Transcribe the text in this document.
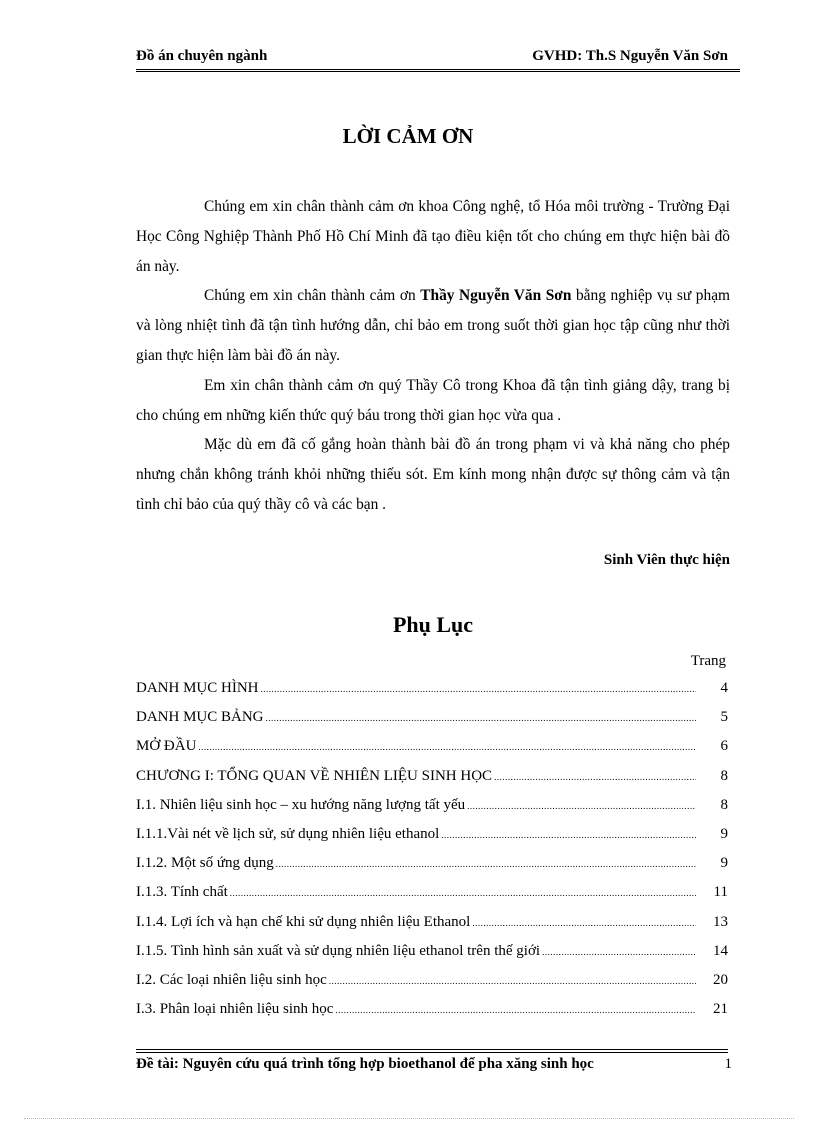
Đồ án chuyên ngành	GVHD: Th.S Nguyễn Văn Sơn
LỜI CẢM ƠN

Chúng em xin chân thành cảm ơn khoa Công nghệ, tổ Hóa môi trường - Trường Đại Học Công Nghiệp Thành Phố Hồ Chí Minh đã tạo điều kiện tốt cho chúng em thực hiện bài đồ án này.

Chúng em xin chân thành cảm ơn Thầy Nguyễn Văn Sơn bằng nghiệp vụ sư phạm và lòng nhiệt tình đã tận tình hướng dẫn, chỉ bảo em trong suốt thời gian học tập cũng như thời gian thực hiện làm bài đồ án này.

Em xin chân thành cảm ơn quý Thầy Cô trong Khoa đã tận tình giảng dậy, trang bị cho chúng em những kiến thức quý báu trong thời gian học vừa qua .

Mặc dù em đã cố gắng hoàn thành bài đồ án trong phạm vi và khả năng cho phép nhưng chắn không tránh khỏi những thiếu sót. Em kính mong nhận được sự thông cảm và tận tình chỉ bảo của quý thầy cô và các bạn .

Sinh Viên thực hiện
Phụ Lục
Trang
DANH MỤC HÌNH .....	4
DANH MỤC BẢNG .....	5
MỞ ĐẦU .....	6
CHƯƠNG I: TỔNG QUAN VỀ NHIÊN LIỆU SINH HỌC .....	8
I.1. Nhiên liệu sinh học – xu hướng năng lượng tất yếu .....	8
I.1.1.Vài nét về lịch sử, sử dụng nhiên liệu ethanol .....	9
I.1.2. Một số ứng dụng .....	9
I.1.3. Tính chất .....	11
I.1.4. Lợi ích và hạn chế khi sử dụng nhiên liệu Ethanol .....	13
I.1.5. Tình hình sản xuất và sử dụng nhiên liệu ethanol trên thế giới .....	14
I.2. Các loại nhiên liệu sinh học .....	20
I.3. Phân loại nhiên liệu sinh học .....	21
Đề tài: Nguyên cứu quá trình tổng hợp bioethanol để pha xăng sinh học	1
